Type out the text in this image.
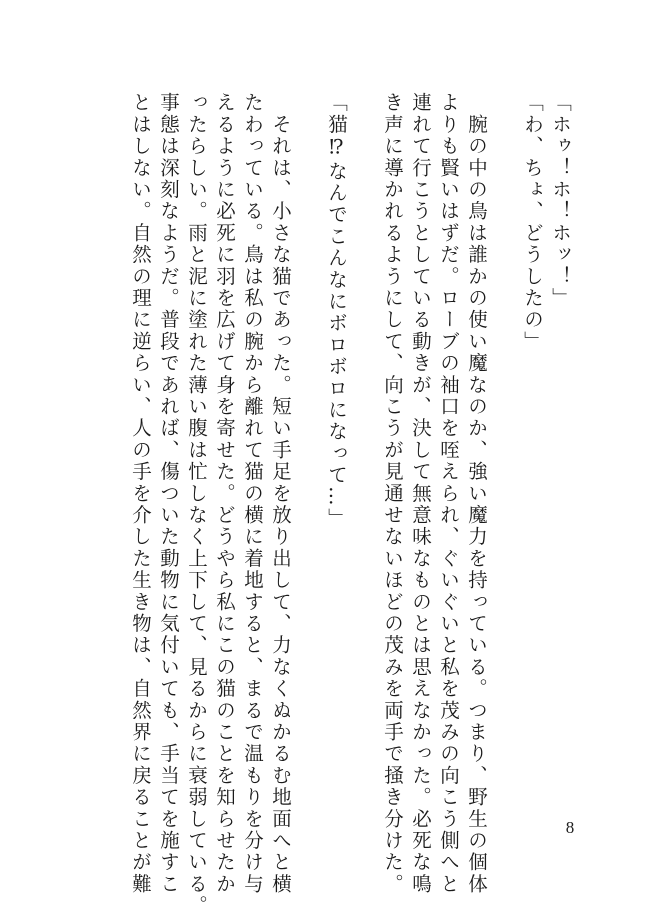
「ホゥ！ホ！ホッ！」
「わ、ちょ、どうしたの」
　腕の中の鳥は誰かの使い魔なのか、強い魔力を持っている。つまり、野生の個体
よりも賢いはずだ。ローブの袖口を咥えられ、ぐいぐいと私を茂みの向こう側へと
連れて行こうとしている動きが、決して無意味なものとは思えなかった。必死な鳴
き声に導かれるようにして、向こうが見通せないほどの茂みを両手で掻き分けた。
「猫⁉なんでこんなにボロボロになって…」
　それは、小さな猫であった。短い手足を放り出して、力なくぬかるむ地面へと横
たわっている。鳥は私の腕から離れて猫の横に着地すると、まるで温もりを分け与
えるように必死に羽を広げて身を寄せた。どうやら私にこの猫のことを知らせたか
ったらしい。雨と泥に塗れた薄い腹は忙しなく上下して、見るからに衰弱している。
事態は深刻なようだ。普段であれば、傷ついた動物に気付いても、手当てを施すこ
とはしない。自然の理に逆らい、人の手を介した生き物は、自然界に戻ることが難	8
